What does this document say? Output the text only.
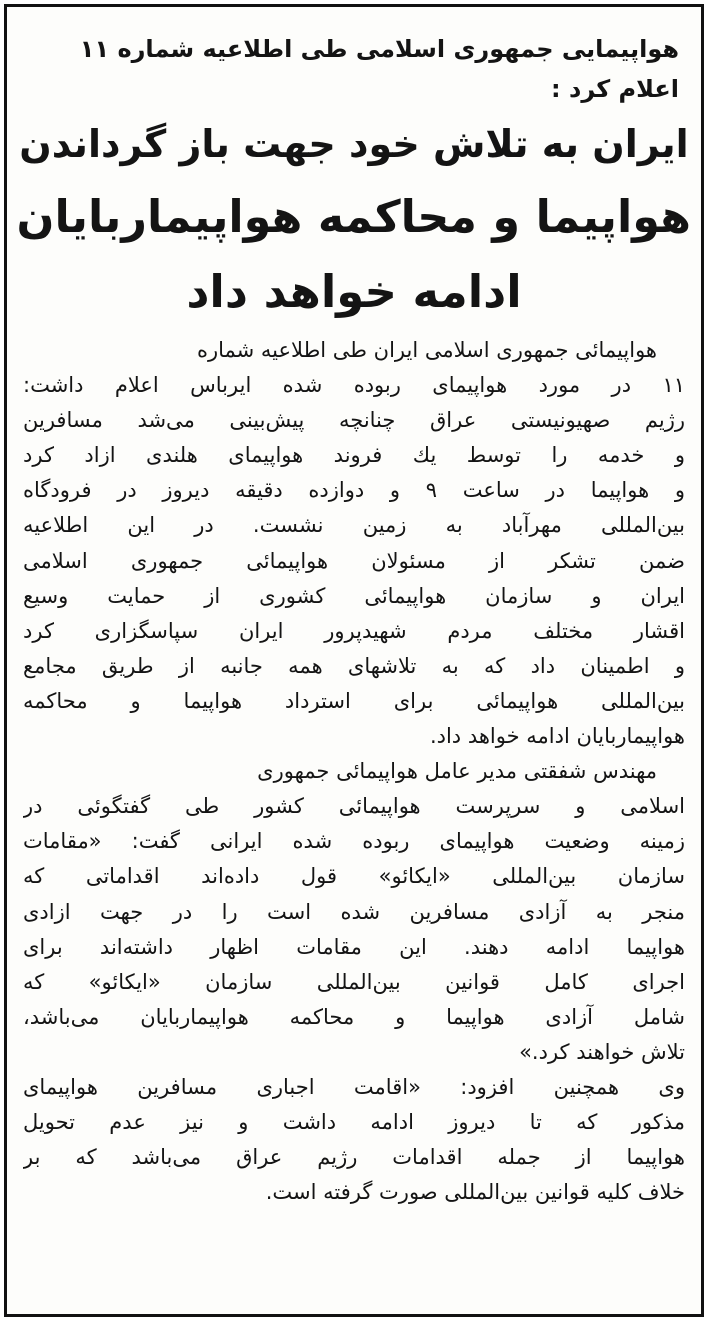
هواپیمایی جمهوری اسلامی طی اطلاعیه شماره ۱۱
اعلام کرد :
ایران به تلاش خود جهت باز گرداندن
هواپیما و محاکمه هواپیماربایان
ادامه خواهد داد
هواپیمائی جمهوری اسلامی ایران طی اطلاعیه شماره
۱۱ در مورد هواپیمای ربوده شده ایرباس اعلام داشت:
رژیم صهیونیستی عراق چنانچه پیش‌بینی می‌شد مسافرین
و خدمه را توسط یك فروند هواپیمای هلندی ازاد کرد
و هواپیما در ساعت ۹ و دوازده دقیقه دیروز در فرودگاه
بین‌المللی مهرآباد به زمین نشست. در این اطلاعیه
ضمن تشکر از مسئولان هواپیمائی جمهوری اسلامی
ایران و سازمان هواپیمائی کشوری از حمایت وسیع
اقشار مختلف مردم شهیدپرور ایران سپاسگزاری کرد
و اطمینان داد که به تلاشهای همه جانبه از طریق مجامع
بین‌المللی هواپیمائی برای استرداد هواپیما و محاکمه
هواپیماربایان ادامه خواهد داد.
مهندس شفقتی مدیر عامل هواپیمائی جمهوری
اسلامی و سرپرست هواپیمائی کشور طی گفتگوئی در
زمینه وضعیت هواپیمای ربوده شده ایرانی گفت: «مقامات
سازمان بین‌المللی «ایکائو» قول داده‌اند اقداماتی که
منجر به آزادی مسافرین شده است را در جهت ازادی
هواپیما ادامه دهند. این مقامات اظهار داشته‌اند برای
اجرای کامل قوانین بین‌المللی سازمان «ایکائو» که
شامل آزادی هواپیما و محاکمه هواپیماربایان می‌باشد،
تلاش خواهند کرد.»
وی همچنین افزود: «اقامت اجباری مسافرین هواپیمای
مذکور که تا دیروز ادامه داشت و نیز عدم تحویل
هواپیما از جمله اقدامات رژیم عراق می‌باشد که بر
خلاف کلیه قوانین بین‌المللی صورت گرفته است.
